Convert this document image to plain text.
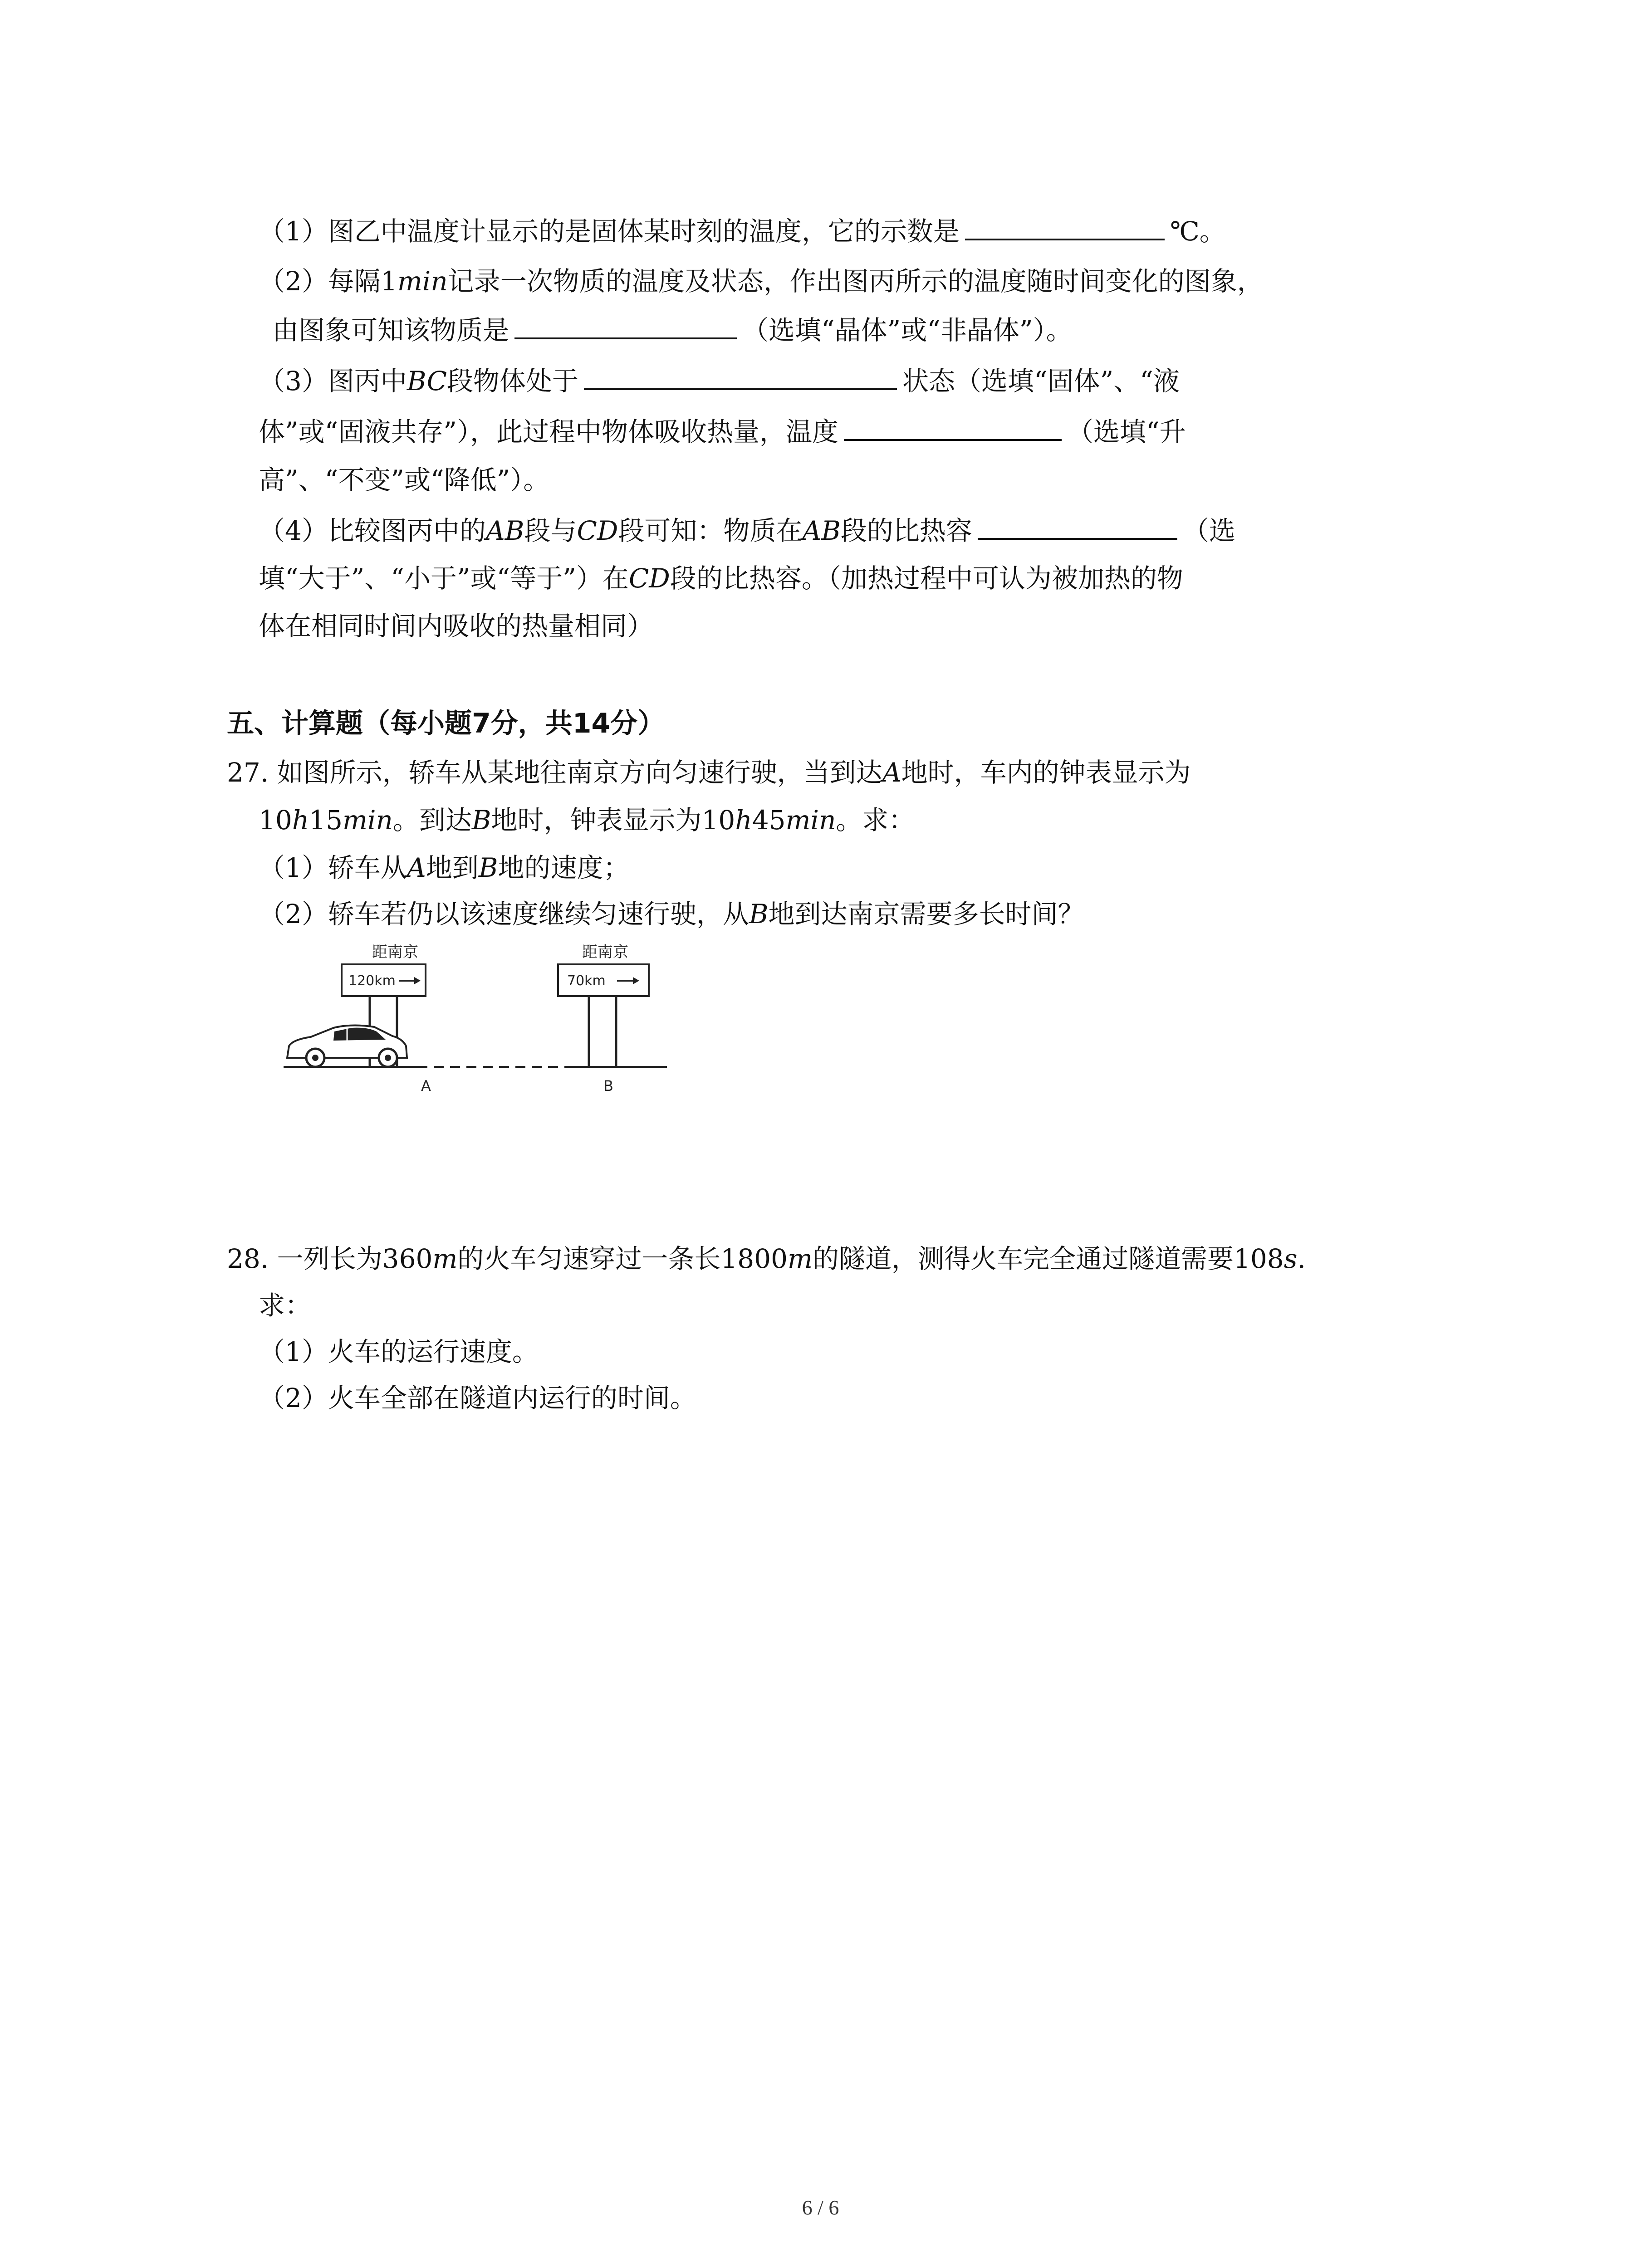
（1）图乙中温度计显示的是固体某时刻的温度，它的示数是	℃。
（2）每隔1min记录一次物质的温度及状态，作出图丙所示的温度随时间变化的图象，
由图象可知该物质是	（选填“晶体”或“非晶体”）。
（3）图丙中BC段物体处于	状态（选填“固体”、“液
体”或“固液共存”），此过程中物体吸收热量，温度	（选填“升
高”、“不变”或“降低”）。
（4）比较图丙中的AB段与CD段可知：物质在AB段的比热容	（选
填“大于”、“小于”或“等于”）在CD段的比热容。（加热过程中可认为被加热的物
体在相同时间内吸收的热量相同）
五、计算题（每小题7分，共14分）
27. 如图所示，轿车从某地往南京方向匀速行驶，当到达A地时，车内的钟表显示为
10h15min。到达B地时，钟表显示为10h45min。求：
（1）轿车从A地到B地的速度；
（2）轿车若仍以该速度继续匀速行驶，从B地到达南京需要多长时间？
距南京
120km
A
距南京
70km
B
28. 一列长为360m的火车匀速穿过一条长1800m的隧道，测得火车完全通过隧道需要108s.
求：
（1）火车的运行速度。
（2）火车全部在隧道内运行的时间。
6 / 6
